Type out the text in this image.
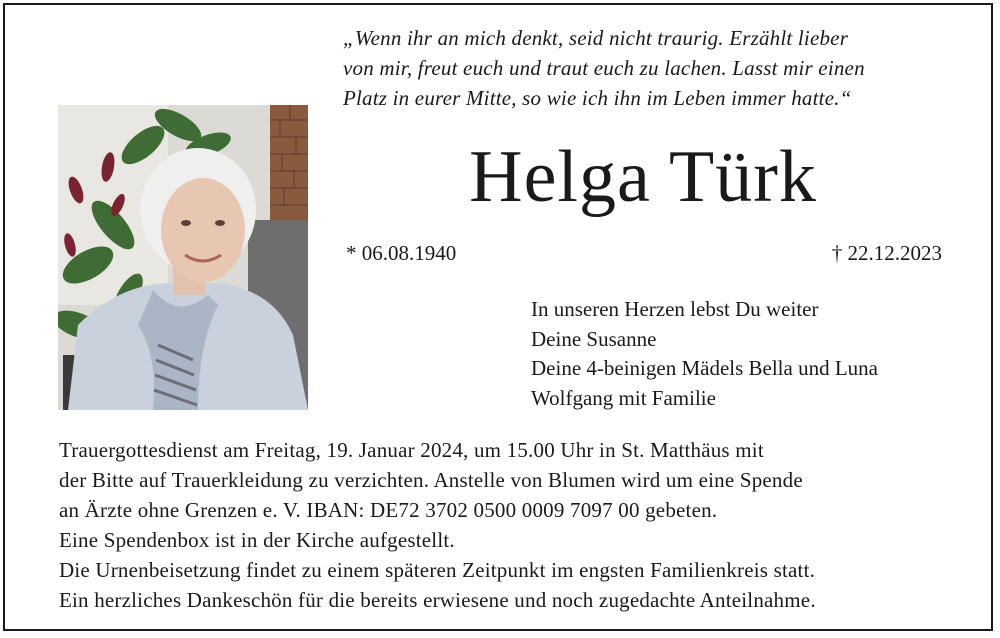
„Wenn ihr an mich denkt, seid nicht traurig. Erzählt lieber
von mir, freut euch und traut euch zu lachen. Lasst mir einen
Platz in eurer Mitte, so wie ich ihn im Leben immer hatte.“
Helga Türk
* 06.08.1940	† 22.12.2023
In unseren Herzen lebst Du weiter
Deine Susanne
Deine 4-beinigen Mädels Bella und Luna
Wolfgang mit Familie
Trauergottesdienst am Freitag, 19. Januar 2024, um 15.00 Uhr in St. Matthäus mit
der Bitte auf Trauerkleidung zu verzichten. Anstelle von Blumen wird um eine Spende
an Ärzte ohne Grenzen e. V. IBAN: DE72 3702 0500 0009 7097 00 gebeten.
Eine Spendenbox ist in der Kirche aufgestellt.
Die Urnenbeisetzung findet zu einem späteren Zeitpunkt im engsten Familienkreis statt.
Ein herzliches Dankeschön für die bereits erwiesene und noch zugedachte Anteilnahme.
